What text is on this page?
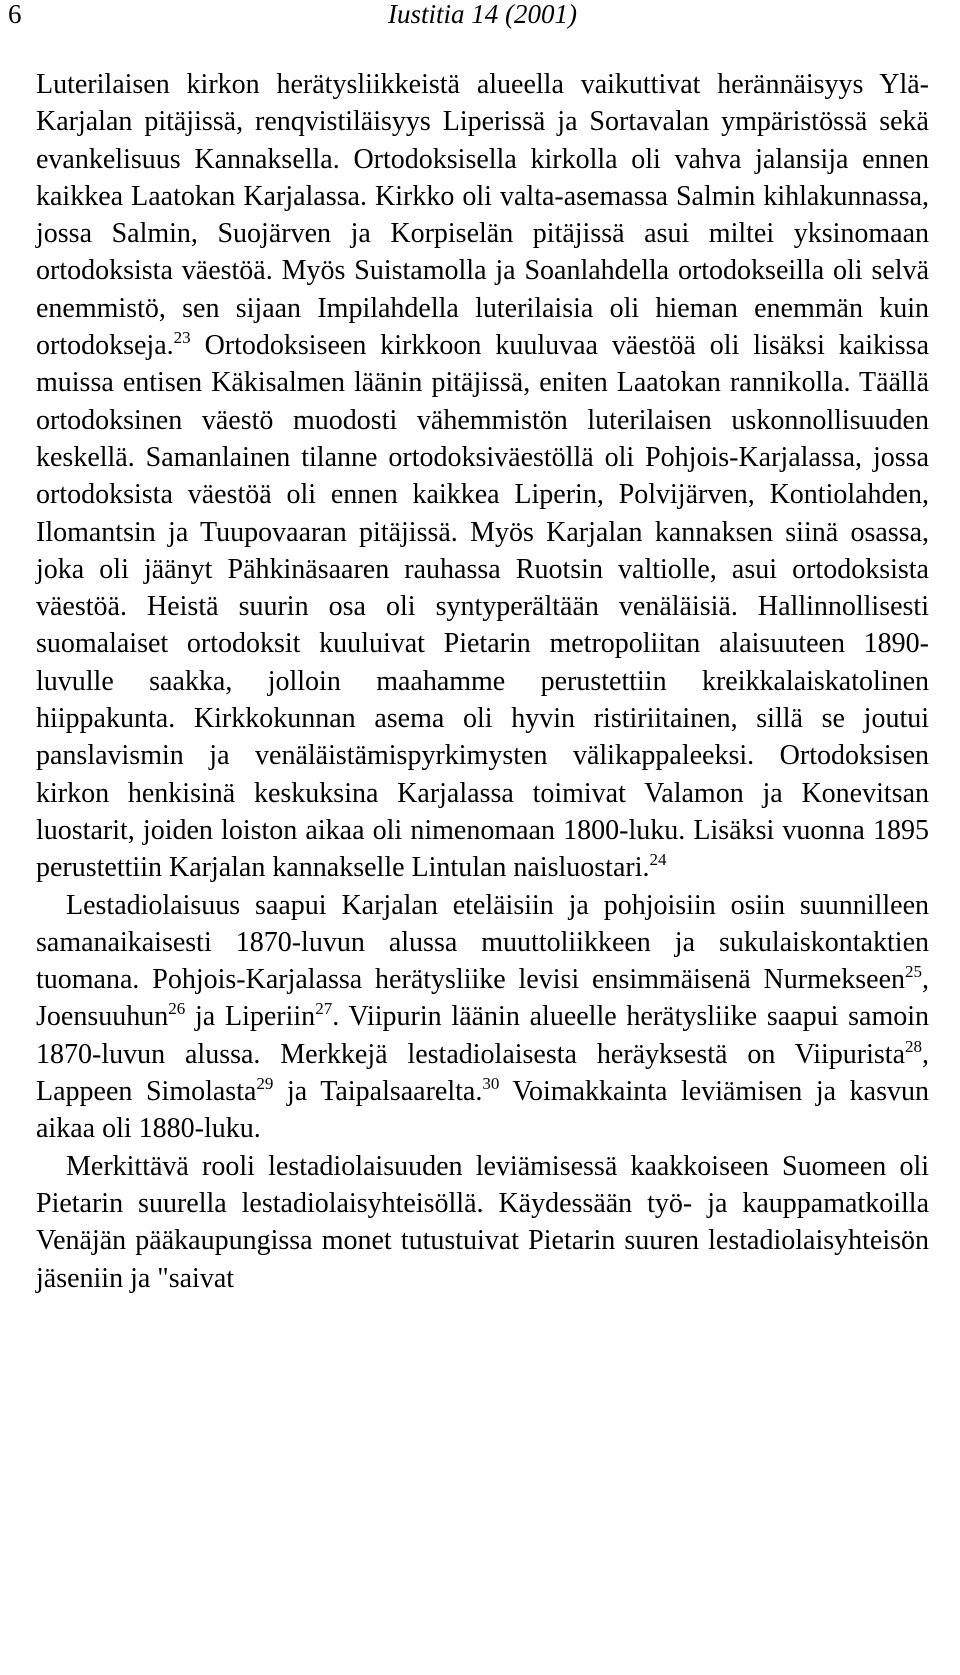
6	Iustitia 14 (2001)

Luterilaisen kirkon herätysliikkeistä alueella vaikuttivat herännäisyys Ylä-Karjalan pitäjissä, renqvistiläisyys Liperissä ja Sortavalan ympäristössä sekä evankelisuus Kannaksella. Ortodoksisella kirkolla oli vahva jalansija ennen kaikkea Laatokan Karjalassa. Kirkko oli valta-asemassa Salmin kihlakunnassa, jossa Salmin, Suojärven ja Korpiselän pitäjissä asui miltei yksinomaan ortodoksista väestöä. Myös Suistamolla ja Soanlahdella ortodokseilla oli selvä enemmistö, sen sijaan Impilahdella luterilaisia oli hieman enemmän kuin ortodokseja.$^{23}$ Ortodoksiseen kirkkoon kuuluvaa väestöä oli lisäksi kaikissa muissa entisen Käkisalmen läänin pitäjissä, eniten Laatokan rannikolla. Täällä ortodoksinen väestö muodosti vähemmistön luterilaisen uskonnollisuuden keskellä. Samanlainen tilanne ortodoksiväestöllä oli Pohjois-Karjalassa, jossa ortodoksista väestöä oli ennen kaikkea Liperin, Polvijärven, Kontiolahden, Ilomantsin ja Tuupovaaran pitäjissä. Myös Karjalan kannaksen siinä osassa, joka oli jäänyt Pähkinäsaaren rauhassa Ruotsin valtiolle, asui ortodoksista väestöä. Heistä suurin osa oli syntyperältään venäläisiä. Hallinnollisesti suomalaiset ortodoksit kuuluivat Pietarin metropoliitan alaisuuteen 1890-luvulle saakka, jolloin maahamme perustettiin kreikkalaiskatolinen hiippakunta. Kirkkokunnan asema oli hyvin ristiriitainen, sillä se joutui panslavismin ja venäläistämispyrkimysten välikappaleeksi. Ortodoksisen kirkon henkisinä keskuksina Karjalassa toimivat Valamon ja Konevitsan luostarit, joiden loiston aikaa oli nimenomaan 1800-luku. Lisäksi vuonna 1895 perustettiin Karjalan kannakselle Lintulan naisluostari.$^{24}$

Lestadiolaisuus saapui Karjalan eteläisiin ja pohjoisiin osiin suunnilleen samanaikaisesti 1870-luvun alussa muuttoliikkeen ja sukulaiskontaktien tuomana. Pohjois-Karjalassa herätysliike levisi ensimmäisenä Nurmekseen$^{25}$, Joensuuhun$^{26}$ ja Liperiin$^{27}$. Viipurin läänin alueelle herätysliike saapui samoin 1870-luvun alussa. Merkkejä lestadiolaisesta heräyksestä on Viipurista$^{28}$, Lappeen Simolasta$^{29}$ ja Taipalsaarelta.$^{30}$ Voimakkainta leviämisen ja kasvun aikaa oli 1880-luku.

Merkittävä rooli lestadiolaisuuden leviämisessä kaakkoiseen Suomeen oli Pietarin suurella lestadiolaisyhteisöllä. Käydessään työ- ja kauppamatkoilla Venäjän pääkaupungissa monet tutustuivat Pietarin suuren lestadiolaisyhteisön jäseniin ja "saivat
